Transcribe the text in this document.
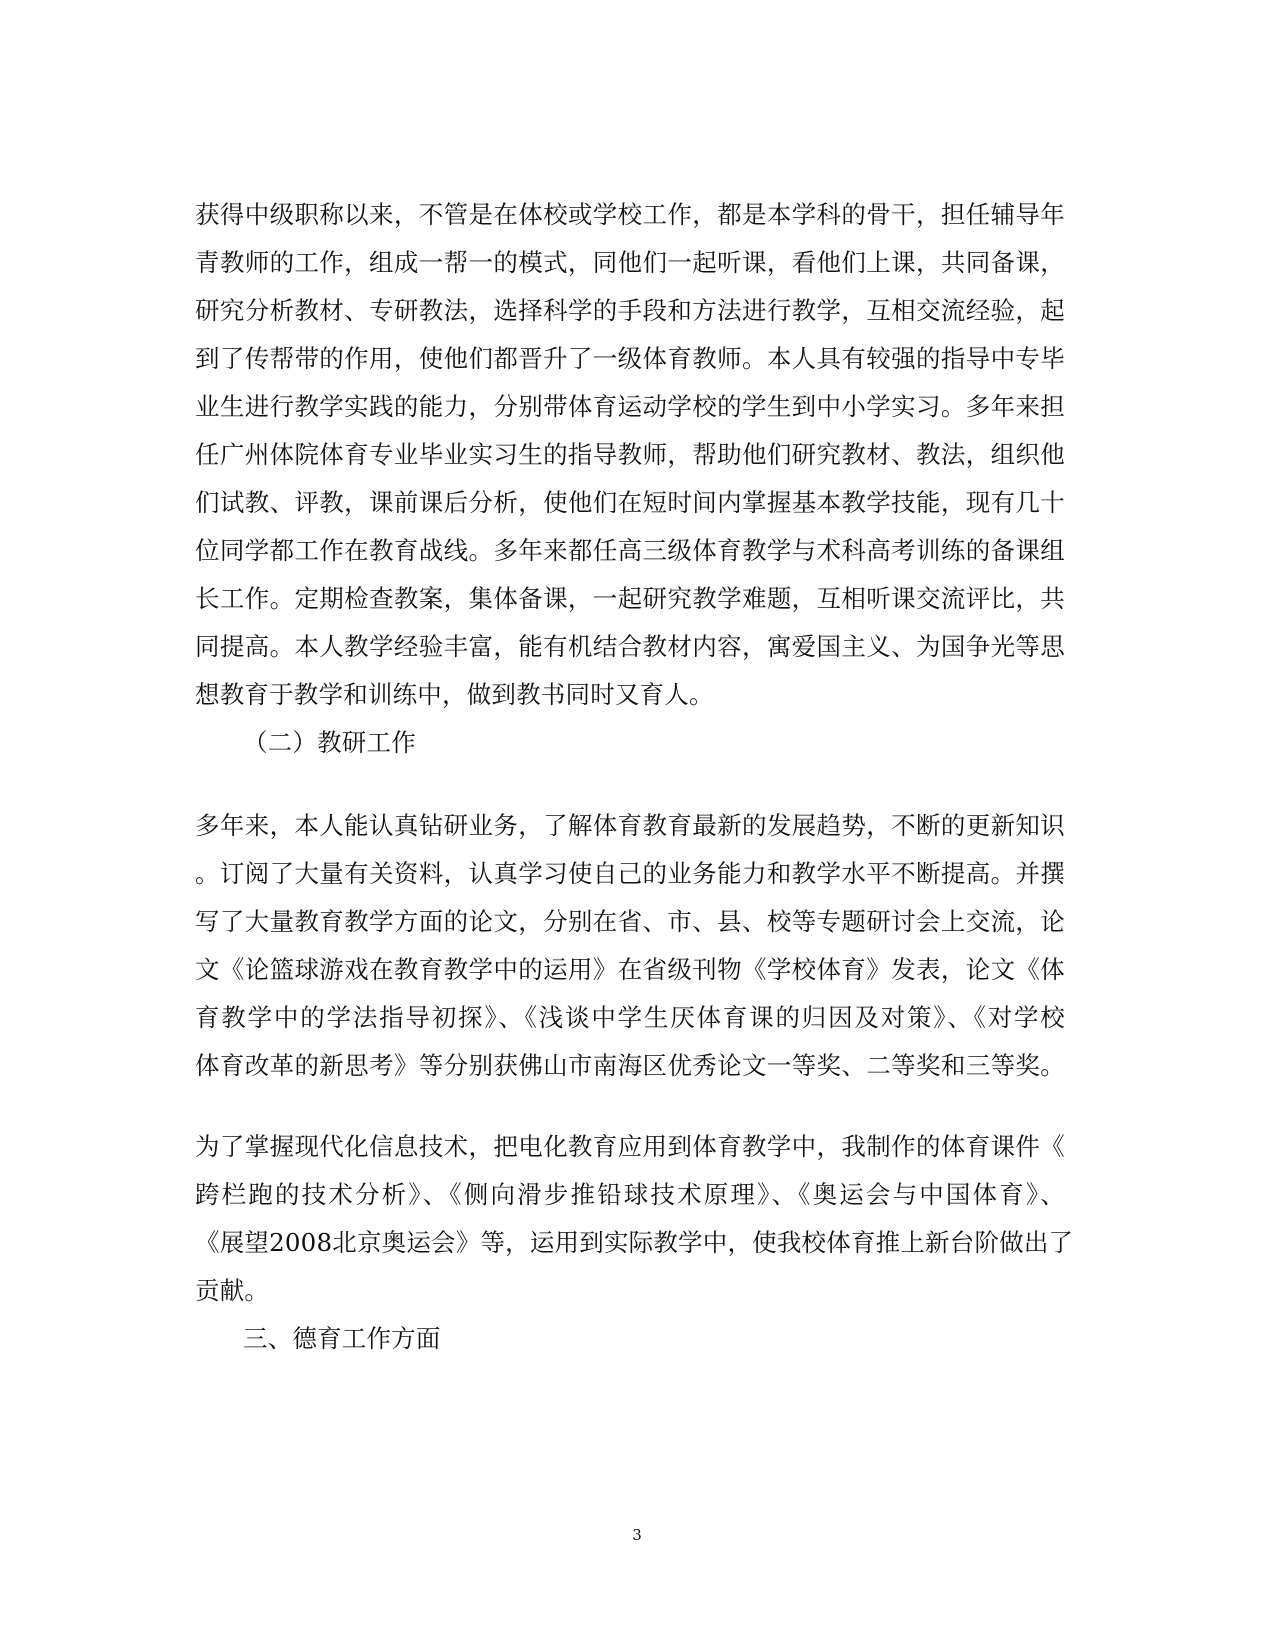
获得中级职称以来，不管是在体校或学校工作，都是本学科的骨干，担任辅导年
青教师的工作，组成一帮一的模式，同他们一起听课，看他们上课，共同备课，
研究分析教材、专研教法，选择科学的手段和方法进行教学，互相交流经验，起
到了传帮带的作用，使他们都晋升了一级体育教师。本人具有较强的指导中专毕
业生进行教学实践的能力，分别带体育运动学校的学生到中小学实习。多年来担
任广州体院体育专业毕业实习生的指导教师，帮助他们研究教材、教法，组织他
们试教、评教，课前课后分析，使他们在短时间内掌握基本教学技能，现有几十
位同学都工作在教育战线。多年来都任高三级体育教学与术科高考训练的备课组
长工作。定期检查教案，集体备课，一起研究教学难题，互相听课交流评比，共
同提高。本人教学经验丰富，能有机结合教材内容，寓爱国主义、为国争光等思
想教育于教学和训练中，做到教书同时又育人。
（二）教研工作
多年来，本人能认真钻研业务，了解体育教育最新的发展趋势，不断的更新知识
。订阅了大量有关资料，认真学习使自己的业务能力和教学水平不断提高。并撰
写了大量教育教学方面的论文，分别在省、市、县、校等专题研讨会上交流，论
文《论篮球游戏在教育教学中的运用》在省级刊物《学校体育》发表，论文《体
育教学中的学法指导初探》、《浅谈中学生厌体育课的归因及对策》、《对学校
体育改革的新思考》等分别获佛山市南海区优秀论文一等奖、二等奖和三等奖。
为了掌握现代化信息技术，把电化教育应用到体育教学中，我制作的体育课件《
跨栏跑的技术分析》、《侧向滑步推铅球技术原理》、《奥运会与中国体育》、
《展望2008北京奥运会》等，运用到实际教学中，使我校体育推上新台阶做出了
贡献。
三、德育工作方面
3
